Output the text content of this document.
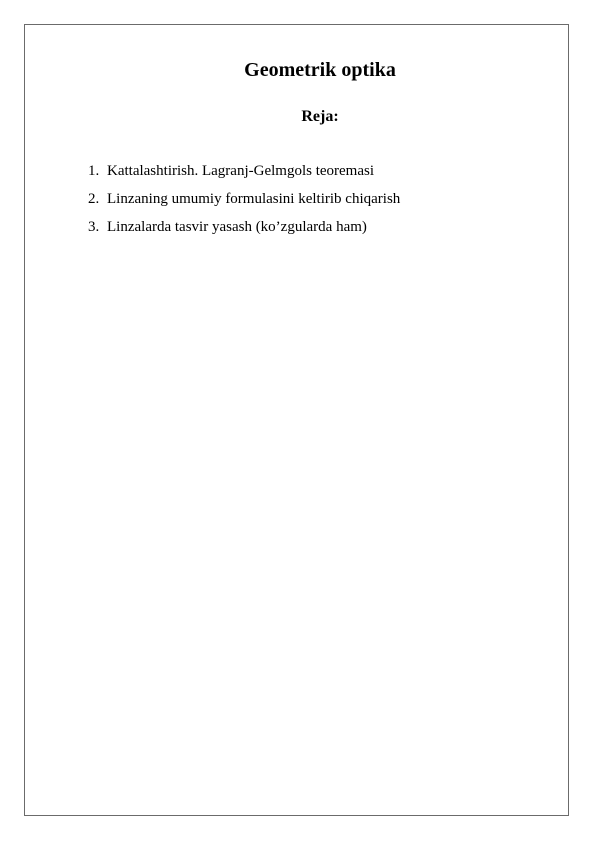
Geometrik optika
Reja:
1. Kattalashtirish. Lagranj-Gelmgols teoremasi
2. Linzaning umumiy formulasini keltirib chiqarish
3. Linzalarda tasvir yasash (ko’zgularda ham)
